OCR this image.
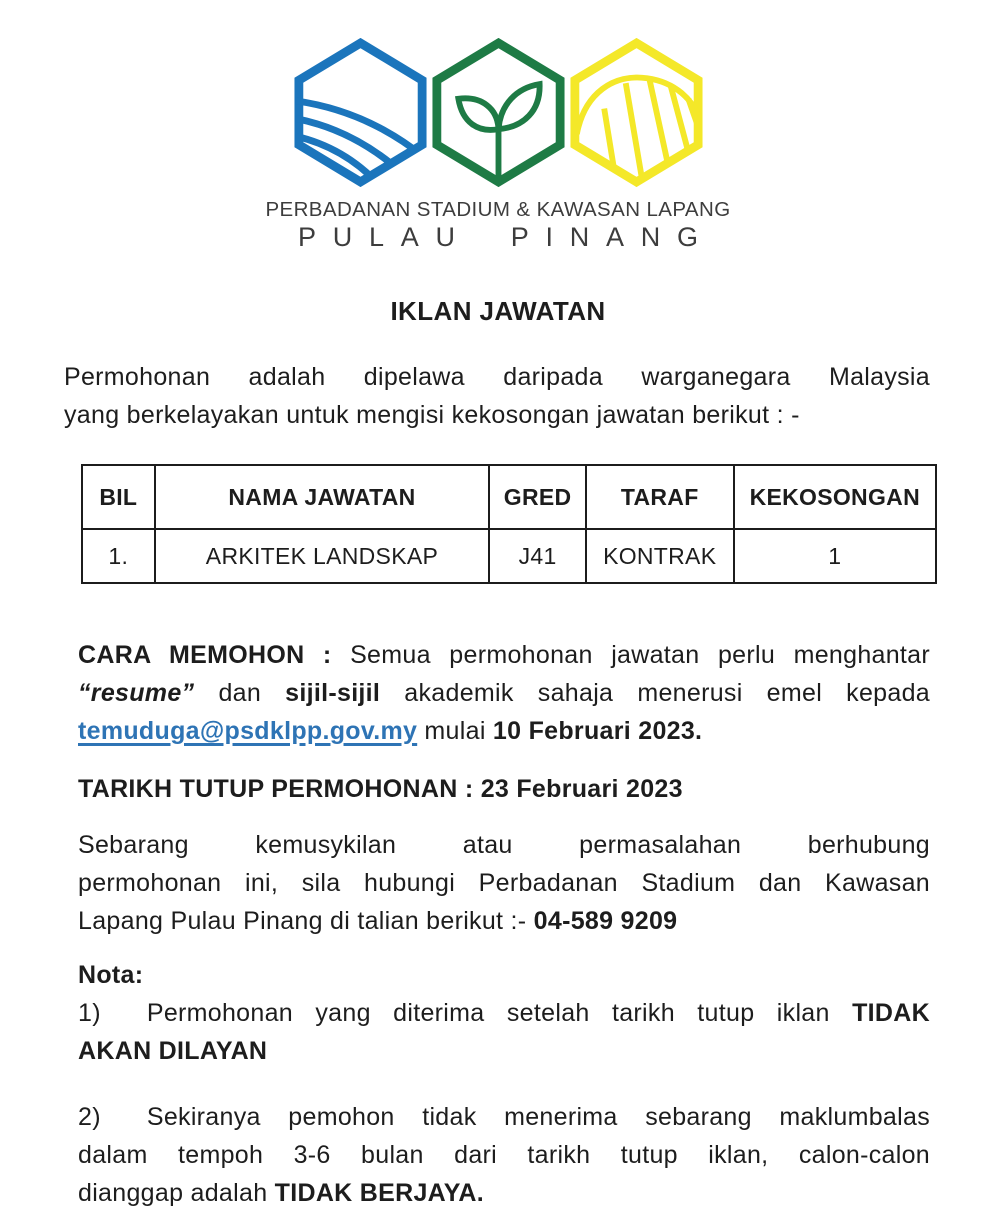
PERBADANAN STADIUM & KAWASAN LAPANG
PULAU PINANG
IKLAN JAWATAN
Permohonan adalah dipelawa daripada warganegara Malaysia
yang berkelayakan untuk mengisi kekosongan jawatan berikut : -
BIL	NAMA JAWATAN	GRED	TARAF	KEKOSONGAN
1.	ARKITEK LANDSKAP	J41	KONTRAK	1
CARA MEMOHON : Semua permohonan jawatan perlu menghantar
“resume” dan sijil-sijil akademik sahaja menerusi emel kepada
temuduga@psdklpp.gov.my mulai 10 Februari 2023.
TARIKH TUTUP PERMOHONAN : 23 Februari 2023
Sebarang kemusykilan atau permasalahan berhubung
permohonan ini, sila hubungi Perbadanan Stadium dan Kawasan
Lapang Pulau Pinang di talian berikut :- 04-589 9209
Nota:
1) Permohonan yang diterima setelah tarikh tutup iklan TIDAK
AKAN DILAYAN
2) Sekiranya pemohon tidak menerima sebarang maklumbalas
dalam tempoh 3-6 bulan dari tarikh tutup iklan, calon-calon
dianggap adalah TIDAK BERJAYA.
